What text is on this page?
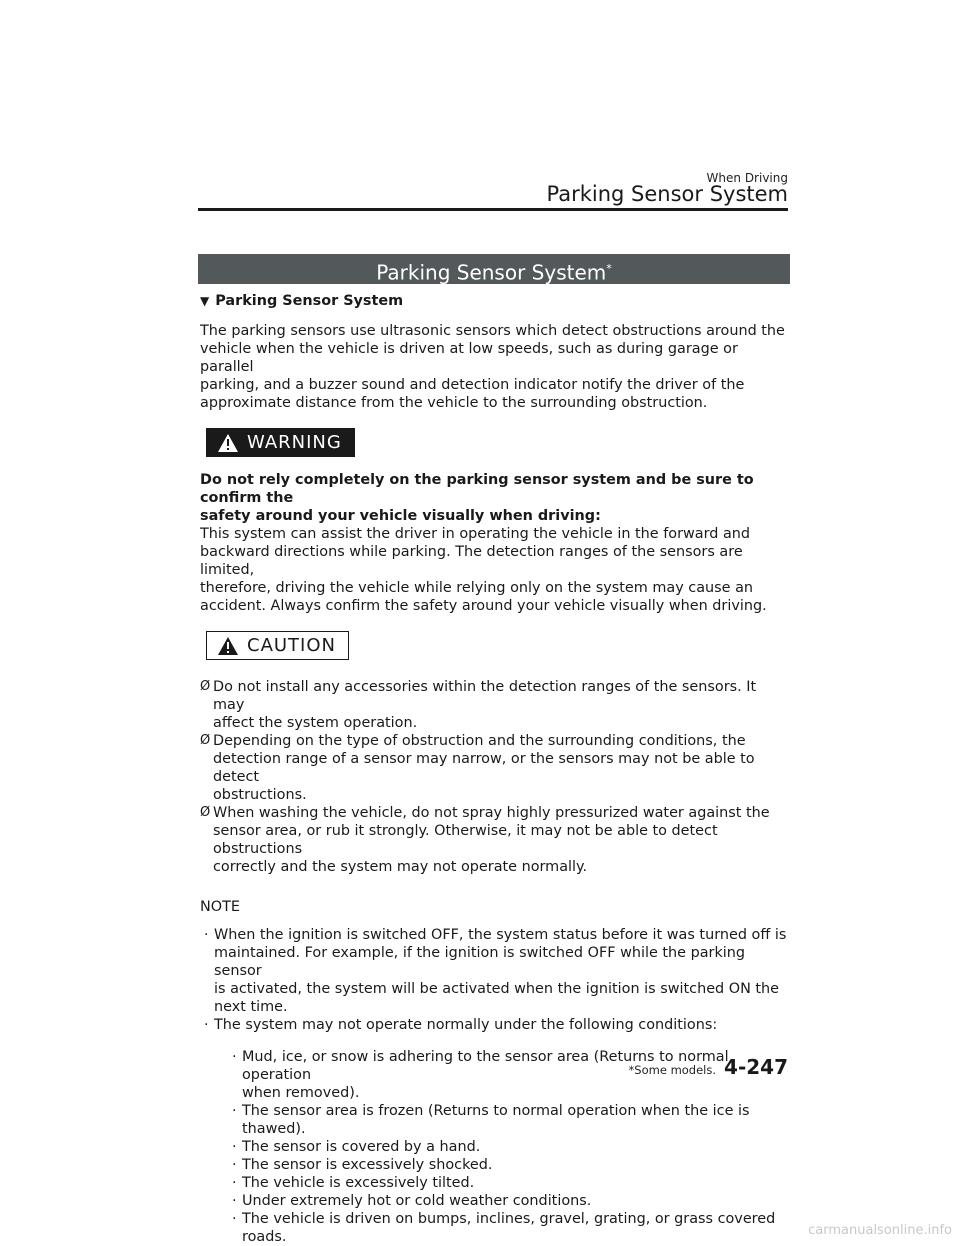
When Driving
Parking Sensor System
Parking Sensor System*
▼ Parking Sensor System

The parking sensors use ultrasonic sensors which detect obstructions around the
vehicle when the vehicle is driven at low speeds, such as during garage or parallel
parking, and a buzzer sound and detection indicator notify the driver of the
approximate distance from the vehicle to the surrounding obstruction.

WARNING

Do not rely completely on the parking sensor system and be sure to confirm the
safety around your vehicle visually when driving:

This system can assist the driver in operating the vehicle in the forward and
backward directions while parking. The detection ranges of the sensors are limited,
therefore, driving the vehicle while relying only on the system may cause an
accident. Always confirm the safety around your vehicle visually when driving.

CAUTION
Ø Do not install any accessories within the detection ranges of the sensors. It may
affect the system operation.
Ø Depending on the type of obstruction and the surrounding conditions, the
detection range of a sensor may narrow, or the sensors may not be able to detect
obstructions.
Ø When washing the vehicle, do not spray highly pressurized water against the
sensor area, or rub it strongly. Otherwise, it may not be able to detect obstructions
correctly and the system may not operate normally.
NOTE
· When the ignition is switched OFF, the system status before it was turned off is
maintained. For example, if the ignition is switched OFF while the parking sensor
is activated, the system will be activated when the ignition is switched ON the
next time.
· The system may not operate normally under the following conditions:
· Mud, ice, or snow is adhering to the sensor area (Returns to normal operation
when removed).
· The sensor area is frozen (Returns to normal operation when the ice is thawed).
· The sensor is covered by a hand.
· The sensor is excessively shocked.
· The vehicle is excessively tilted.
· Under extremely hot or cold weather conditions.
· The vehicle is driven on bumps, inclines, gravel, grating, or grass covered roads.
*Some models. 4-247
carmanualsonline.info
